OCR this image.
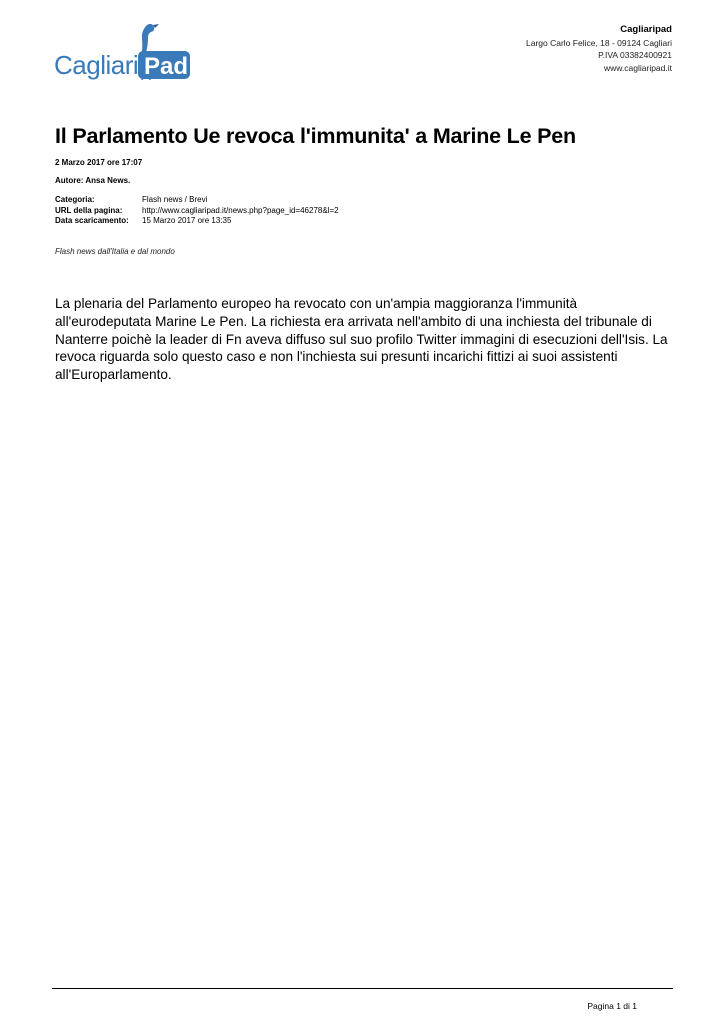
Cagliari Pad
Cagliaripad
Largo Carlo Felice, 18 - 09124 Cagliari
P.IVA 03382400921
www.cagliaripad.it
Il Parlamento Ue revoca l'immunita' a Marine Le Pen
2 Marzo 2017 ore 17:07
Autore: Ansa News.
Categoria:	Flash news / Brevi
URL della pagina:	http://www.cagliaripad.it/news.php?page_id=46278&l=2
Data scaricamento:	15 Marzo 2017 ore 13:35
Flash news dall'Italia e dal mondo

La plenaria del Parlamento europeo ha revocato con un'ampia maggioranza l'immunità all'eurodeputata Marine Le Pen. La richiesta era arrivata nell'ambito di una inchiesta del tribunale di Nanterre poichè la leader di Fn aveva diffuso sul suo profilo Twitter immagini di esecuzioni dell'Isis. La revoca riguarda solo questo caso e non l'inchiesta sui presunti incarichi fittizi ai suoi assistenti all'Europarlamento.

Pagina 1 di 1
